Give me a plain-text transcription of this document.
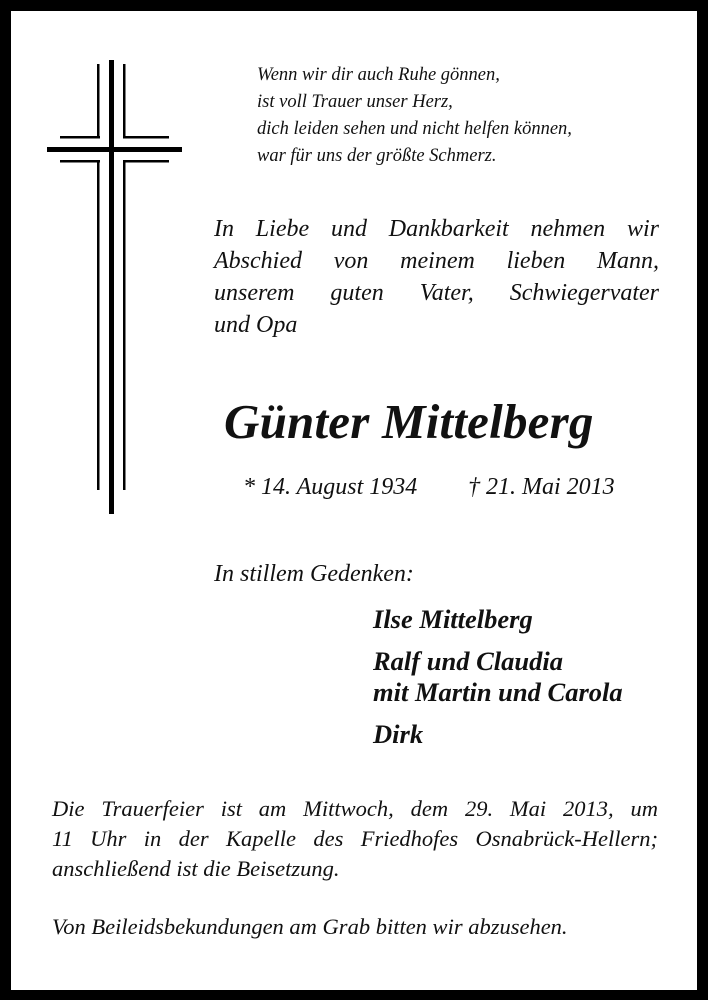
Wenn wir dir auch Ruhe gönnen,
ist voll Trauer unser Herz,
dich leiden sehen und nicht helfen können,
war für uns der größte Schmerz.
In Liebe und Dankbarkeit nehmen wir
Abschied von meinem lieben Mann,
unserem guten Vater, Schwiegervater
und Opa
Günter Mittelberg
* 14. August 1934 † 21. Mai 2013
In stillem Gedenken:
Ilse Mittelberg
Ralf und Claudia
mit Martin und Carola
Dirk
Die Trauerfeier ist am Mittwoch, dem 29. Mai 2013, um
11 Uhr in der Kapelle des Friedhofes Osnabrück-Hellern;
anschließend ist die Beisetzung.
Von Beileidsbekundungen am Grab bitten wir abzusehen.
